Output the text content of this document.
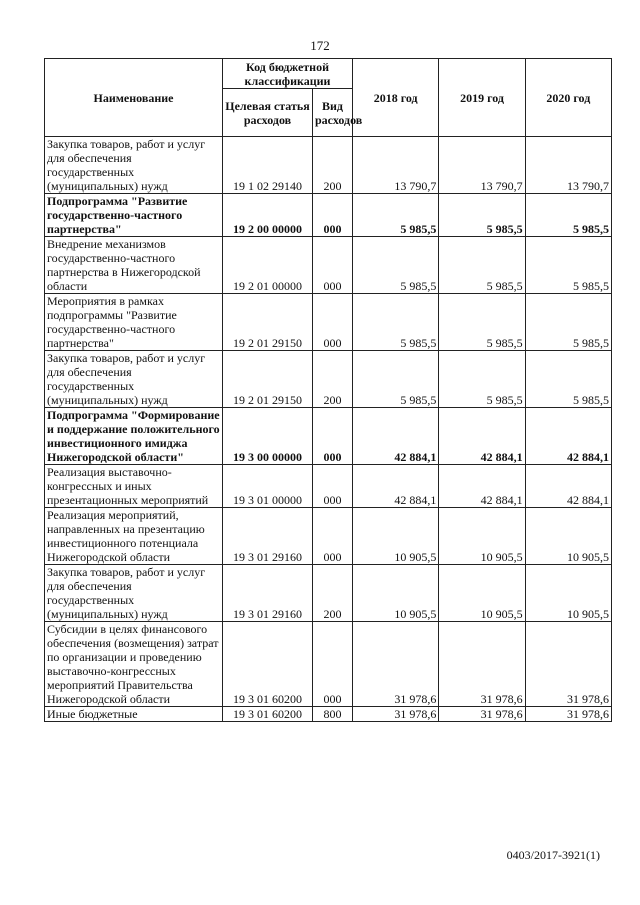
172
Наименование	Код бюджетной классификации		2018 год	2019 год	2020 год
	Целевая статья расходов	Вид расходов			
Закупка товаров, работ и услуг для обеспечения государственных (муниципальных) нужд	19 1 02 29140	200	13 790,7	13 790,7	13 790,7
Подпрограмма "Развитие государственно-частного партнерства"	19 2 00 00000	000	5 985,5	5 985,5	5 985,5
Внедрение механизмов государственно-частного партнерства в Нижегородской области	19 2 01 00000	000	5 985,5	5 985,5	5 985,5
Мероприятия в рамках подпрограммы "Развитие государственно-частного партнерства"	19 2 01 29150	000	5 985,5	5 985,5	5 985,5
Закупка товаров, работ и услуг для обеспечения государственных (муниципальных) нужд	19 2 01 29150	200	5 985,5	5 985,5	5 985,5
Подпрограмма "Формирование и поддержание положительного инвестиционного имиджа Нижегородской области"	19 3 00 00000	000	42 884,1	42 884,1	42 884,1
Реализация выставочно-конгрессных и иных презентационных мероприятий	19 3 01 00000	000	42 884,1	42 884,1	42 884,1
Реализация мероприятий, направленных на презентацию инвестиционного потенциала Нижегородской области	19 3 01 29160	000	10 905,5	10 905,5	10 905,5
Закупка товаров, работ и услуг для обеспечения государственных (муниципальных) нужд	19 3 01 29160	200	10 905,5	10 905,5	10 905,5
Субсидии в целях финансового обеспечения (возмещения) затрат по организации и проведению выставочно-конгрессных мероприятий Правительства Нижегородской области	19 3 01 60200	000	31 978,6	31 978,6	31 978,6
Иные бюджетные	19 3 01 60200	800	31 978,6	31 978,6	31 978,6
0403/2017-3921(1)
